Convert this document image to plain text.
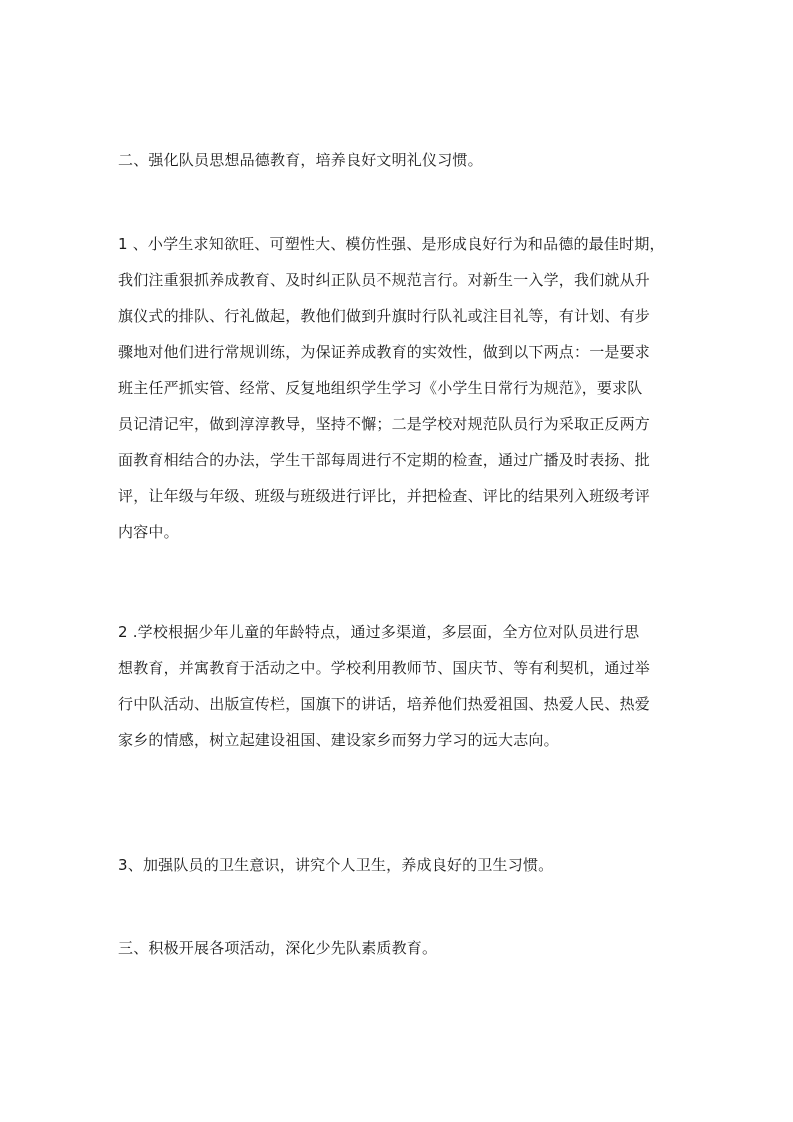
二、强化队员思想品德教育，培养良好文明礼仪习惯。

1 、小学生求知欲旺、可塑性大、模仿性强、是形成良好行为和品德的最佳时期，
我们注重狠抓养成教育、及时纠正队员不规范言行。对新生一入学，我们就从升
旗仪式的排队、行礼做起，教他们做到升旗时行队礼或注目礼等，有计划、有步
骤地对他们进行常规训练，为保证养成教育的实效性，做到以下两点：一是要求
班主任严抓实管、经常、反复地组织学生学习《小学生日常行为规范》，要求队
员记清记牢，做到淳淳教导，坚持不懈；二是学校对规范队员行为采取正反两方
面教育相结合的办法，学生干部每周进行不定期的检查，通过广播及时表扬、批
评，让年级与年级、班级与班级进行评比，并把检查、评比的结果列入班级考评
内容中。

2 .学校根据少年儿童的年龄特点，通过多渠道，多层面，全方位对队员进行思
想教育，并寓教育于活动之中。学校利用教师节、国庆节、等有利契机，通过举
行中队活动、出版宣传栏，国旗下的讲话，培养他们热爱祖国、热爱人民、热爱
家乡的情感，树立起建设祖国、建设家乡而努力学习的远大志向。

3、加强队员的卫生意识，讲究个人卫生，养成良好的卫生习惯。

三、积极开展各项活动，深化少先队素质教育。
